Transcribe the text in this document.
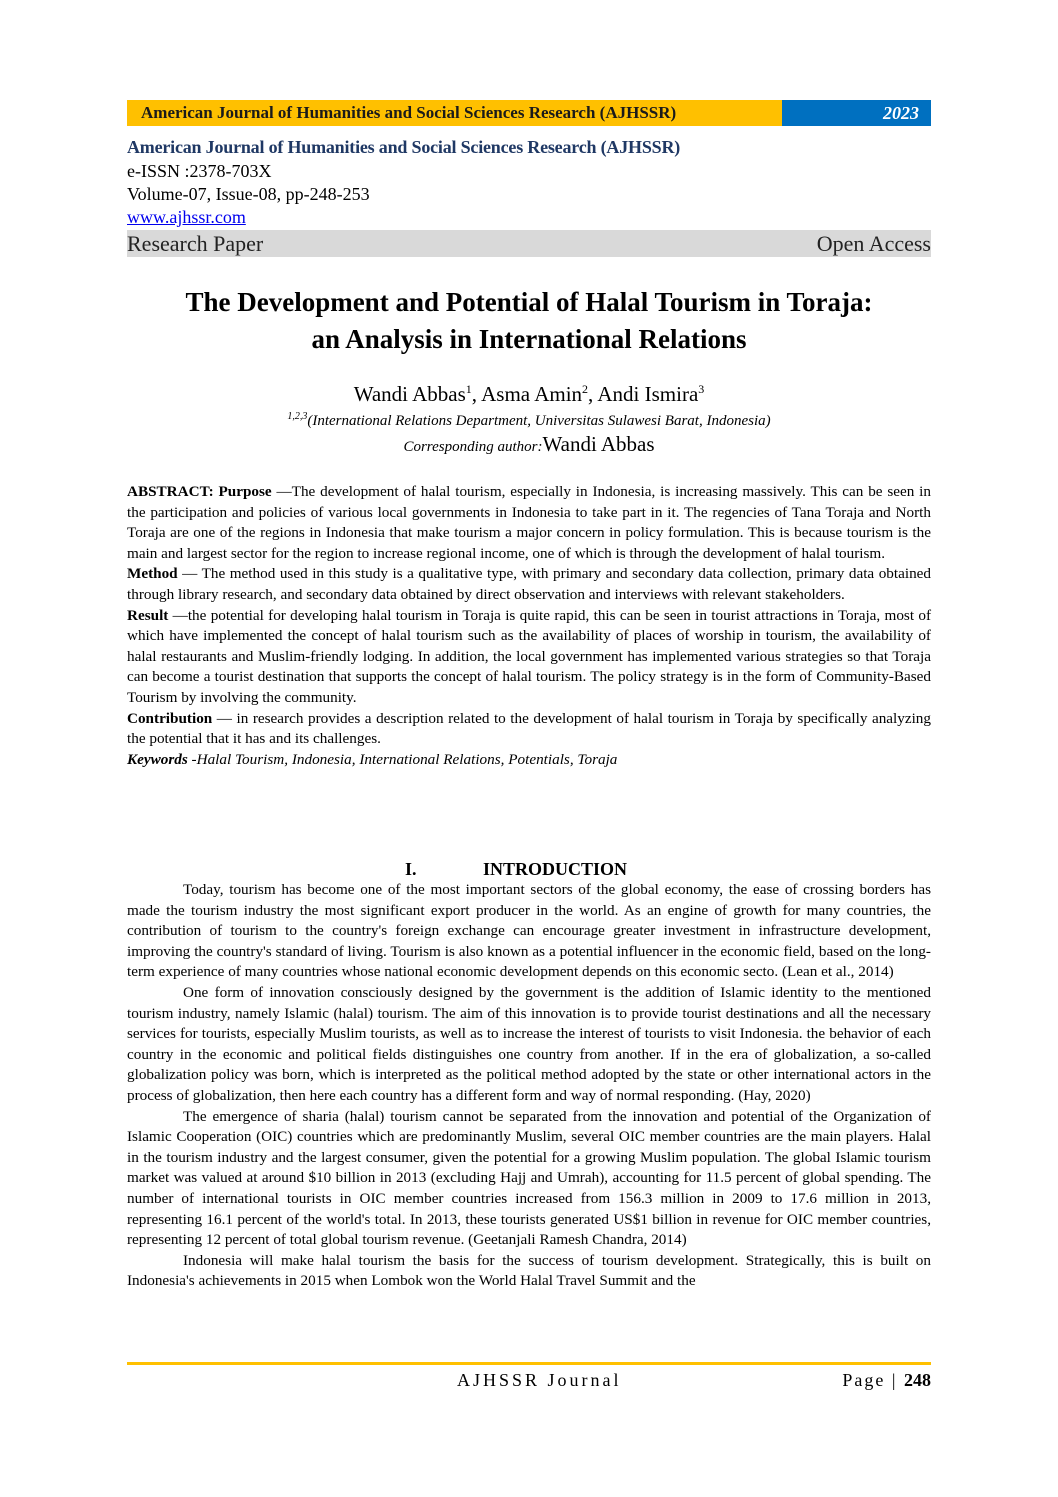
American Journal of Humanities and Social Sciences Research (AJHSSR)	2023
American Journal of Humanities and Social Sciences Research (AJHSSR)
e-ISSN :2378-703X
Volume-07, Issue-08, pp-248-253
www.ajhssr.com
Research Paper	Open Access
The Development and Potential of Halal Tourism in Toraja:
an Analysis in International Relations
Wandi Abbas$^1$, Asma Amin$^2$, Andi Ismira$^3$
$^{1,2,3}$(International Relations Department, Universitas Sulawesi Barat, Indonesia)
Corresponding author:Wandi Abbas

ABSTRACT: Purpose —The development of halal tourism, especially in Indonesia, is increasing massively. This can be seen in the participation and policies of various local governments in Indonesia to take part in it. The regencies of Tana Toraja and North Toraja are one of the regions in Indonesia that make tourism a major concern in policy formulation. This is because tourism is the main and largest sector for the region to increase regional income, one of which is through the development of halal tourism.

Method — The method used in this study is a qualitative type, with primary and secondary data collection, primary data obtained through library research, and secondary data obtained by direct observation and interviews with relevant stakeholders.

Result —the potential for developing halal tourism in Toraja is quite rapid, this can be seen in tourist attractions in Toraja, most of which have implemented the concept of halal tourism such as the availability of places of worship in tourism, the availability of halal restaurants and Muslim-friendly lodging. In addition, the local government has implemented various strategies so that Toraja can become a tourist destination that supports the concept of halal tourism. The policy strategy is in the form of Community-Based Tourism by involving the community.

Contribution — in research provides a description related to the development of halal tourism in Toraja by specifically analyzing the potential that it has and its challenges.

Keywords -Halal Tourism, Indonesia, International Relations, Potentials, Toraja

I.	INTRODUCTION

Today, tourism has become one of the most important sectors of the global economy, the ease of crossing borders has made the tourism industry the most significant export producer in the world. As an engine of growth for many countries, the contribution of tourism to the country's foreign exchange can encourage greater investment in infrastructure development, improving the country's standard of living. Tourism is also known as a potential influencer in the economic field, based on the long-term experience of many countries whose national economic development depends on this economic secto. (Lean et al., 2014)

One form of innovation consciously designed by the government is the addition of Islamic identity to the mentioned tourism industry, namely Islamic (halal) tourism. The aim of this innovation is to provide tourist destinations and all the necessary services for tourists, especially Muslim tourists, as well as to increase the interest of tourists to visit Indonesia. the behavior of each country in the economic and political fields distinguishes one country from another. If in the era of globalization, a so-called globalization policy was born, which is interpreted as the political method adopted by the state or other international actors in the process of globalization, then here each country has a different form and way of normal responding. (Hay, 2020)

The emergence of sharia (halal) tourism cannot be separated from the innovation and potential of the Organization of Islamic Cooperation (OIC) countries which are predominantly Muslim, several OIC member countries are the main players. Halal in the tourism industry and the largest consumer, given the potential for a growing Muslim population. The global Islamic tourism market was valued at around $10 billion in 2013 (excluding Hajj and Umrah), accounting for 11.5 percent of global spending. The number of international tourists in OIC member countries increased from 156.3 million in 2009 to 17.6 million in 2013, representing 16.1 percent of the world's total. In 2013, these tourists generated US$1 billion in revenue for OIC member countries, representing 12 percent of total global tourism revenue. (Geetanjali Ramesh Chandra, 2014)

Indonesia will make halal tourism the basis for the success of tourism development. Strategically, this is built on Indonesia's achievements in 2015 when Lombok won the World Halal Travel Summit and the

AJHSSR Journal	Page | 248
